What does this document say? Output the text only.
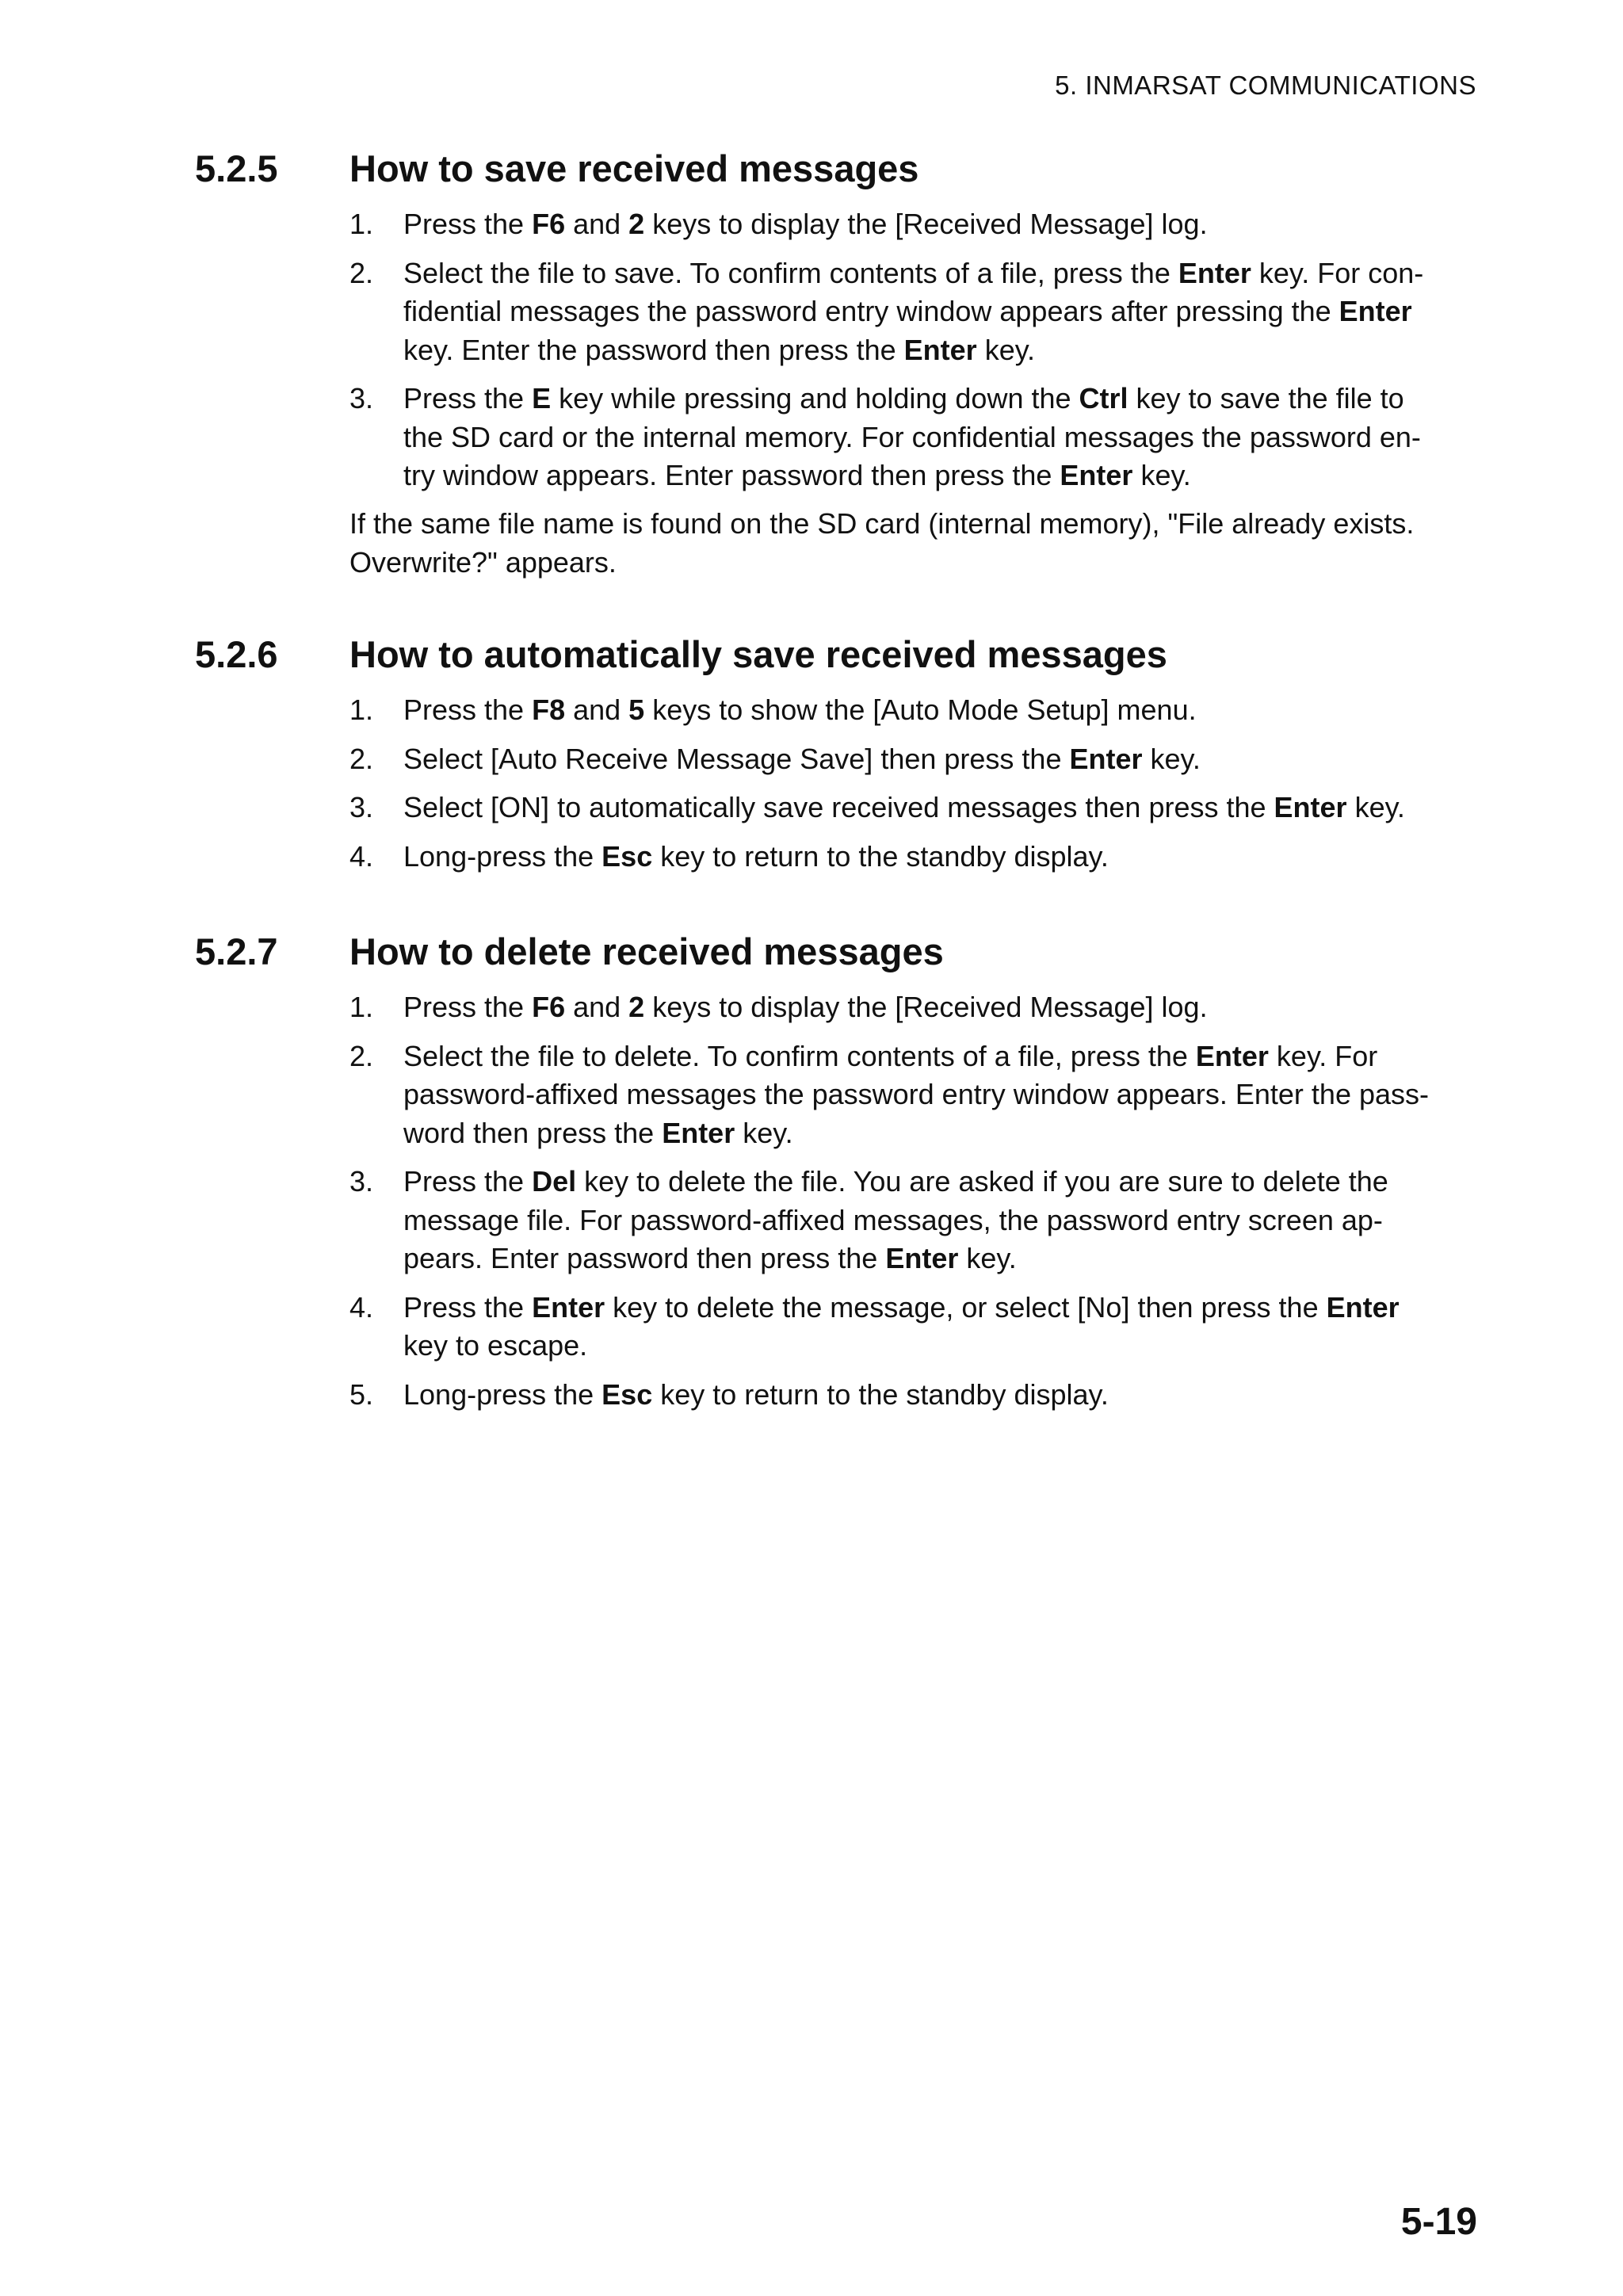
5. INMARSAT COMMUNICATIONS
5.2.5 How to save received messages
1. Press the F6 and 2 keys to display the [Received Message] log.
2. Select the file to save. To confirm contents of a file, press the Enter key. For con-
fidential messages the password entry window appears after pressing the Enter
key. Enter the password then press the Enter key.
3. Press the E key while pressing and holding down the Ctrl key to save the file to
the SD card or the internal memory. For confidential messages the password en-
try window appears. Enter password then press the Enter key.

If the same file name is found on the SD card (internal memory), "File already exists.
Overwrite?" appears.

5.2.6 How to automatically save received messages
1. Press the F8 and 5 keys to show the [Auto Mode Setup] menu.
2. Select [Auto Receive Message Save] then press the Enter key.
3. Select [ON] to automatically save received messages then press the Enter key.
4. Long-press the Esc key to return to the standby display.
5.2.7 How to delete received messages
1. Press the F6 and 2 keys to display the [Received Message] log.
2. Select the file to delete. To confirm contents of a file, press the Enter key. For
password-affixed messages the password entry window appears. Enter the pass-
word then press the Enter key.
3. Press the Del key to delete the file. You are asked if you are sure to delete the
message file. For password-affixed messages, the password entry screen ap-
pears. Enter password then press the Enter key.
4. Press the Enter key to delete the message, or select [No] then press the Enter
key to escape.
5. Long-press the Esc key to return to the standby display.
5-19
